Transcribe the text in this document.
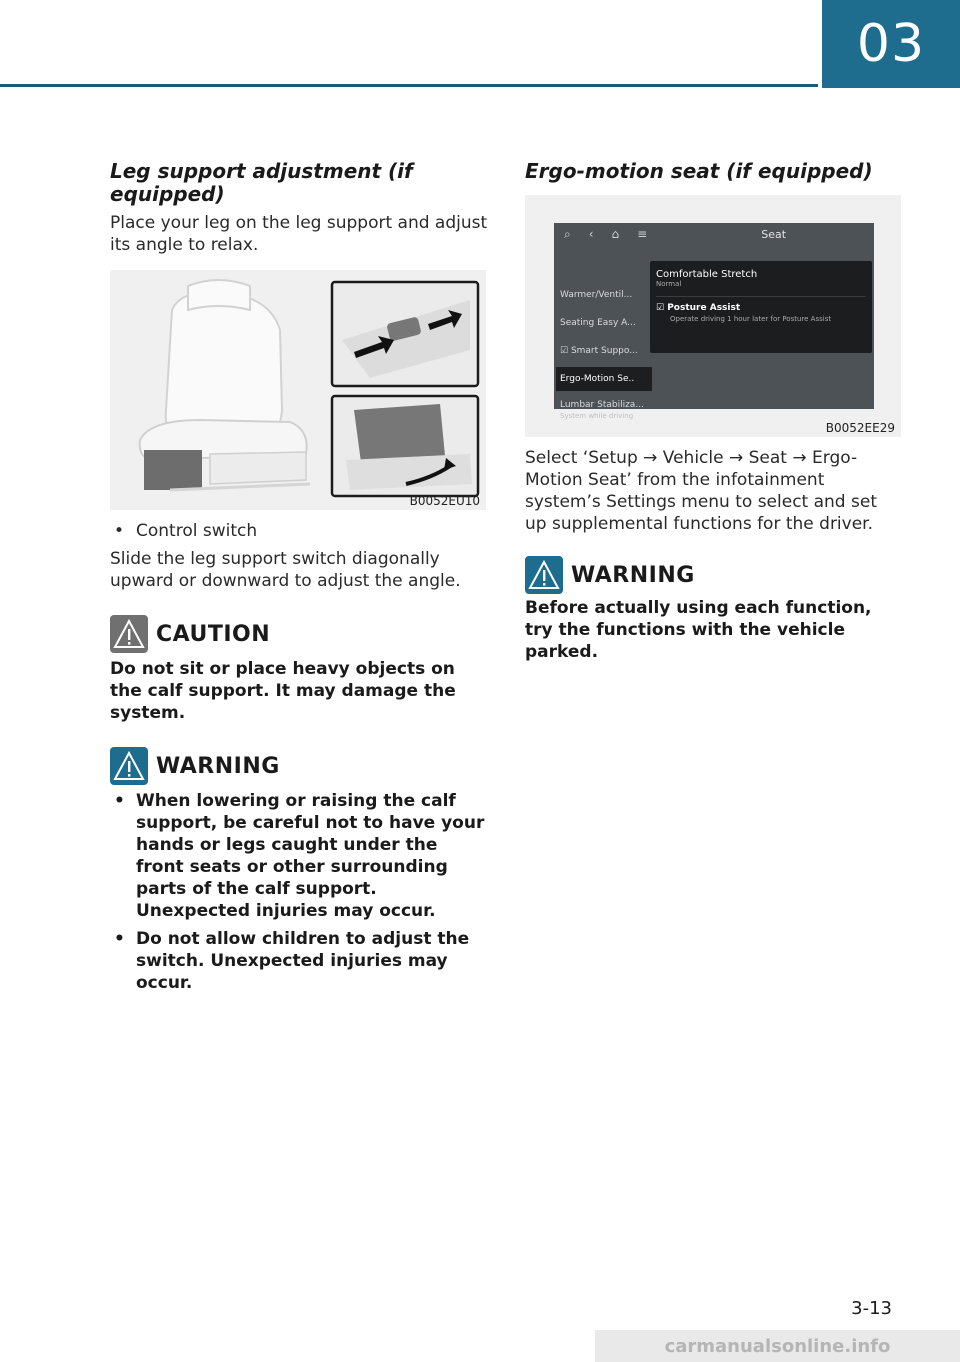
03
Leg support adjustment (if equipped)

Place your leg on the leg support and adjust its angle to relax.

B0052EU10
• Control switch

Slide the leg support switch diagonally upward or downward to adjust the angle.

CAUTION

Do not sit or place heavy objects on the calf support. It may damage the system.

WARNING
• When lowering or raising the calf support, be careful not to have your hands or legs caught under the front seats or other surrounding parts of the calf support. Unexpected injuries may occur.
• Do not allow children to adjust the switch. Unexpected injuries may occur.
Ergo-motion seat (if equipped)
⌕ ‹ ⌂ ≡	Seat
Warmer/Ventil...
Seating Easy A...
☑ Smart Suppo...
Ergo-Motion Se..
Lumbar Stabiliza...
System while driving
Comfortable Stretch
Normal
☑ Posture Assist
Operate driving 1 hour later for Posture Assist
B0052EE29

Select ‘Setup → Vehicle → Seat → Ergo-Motion Seat’ from the infotainment system’s Settings menu to select and set up supplemental functions for the driver.

WARNING

Before actually using each function, try the functions with the vehicle parked.

3-13
carmanualsonline.info
